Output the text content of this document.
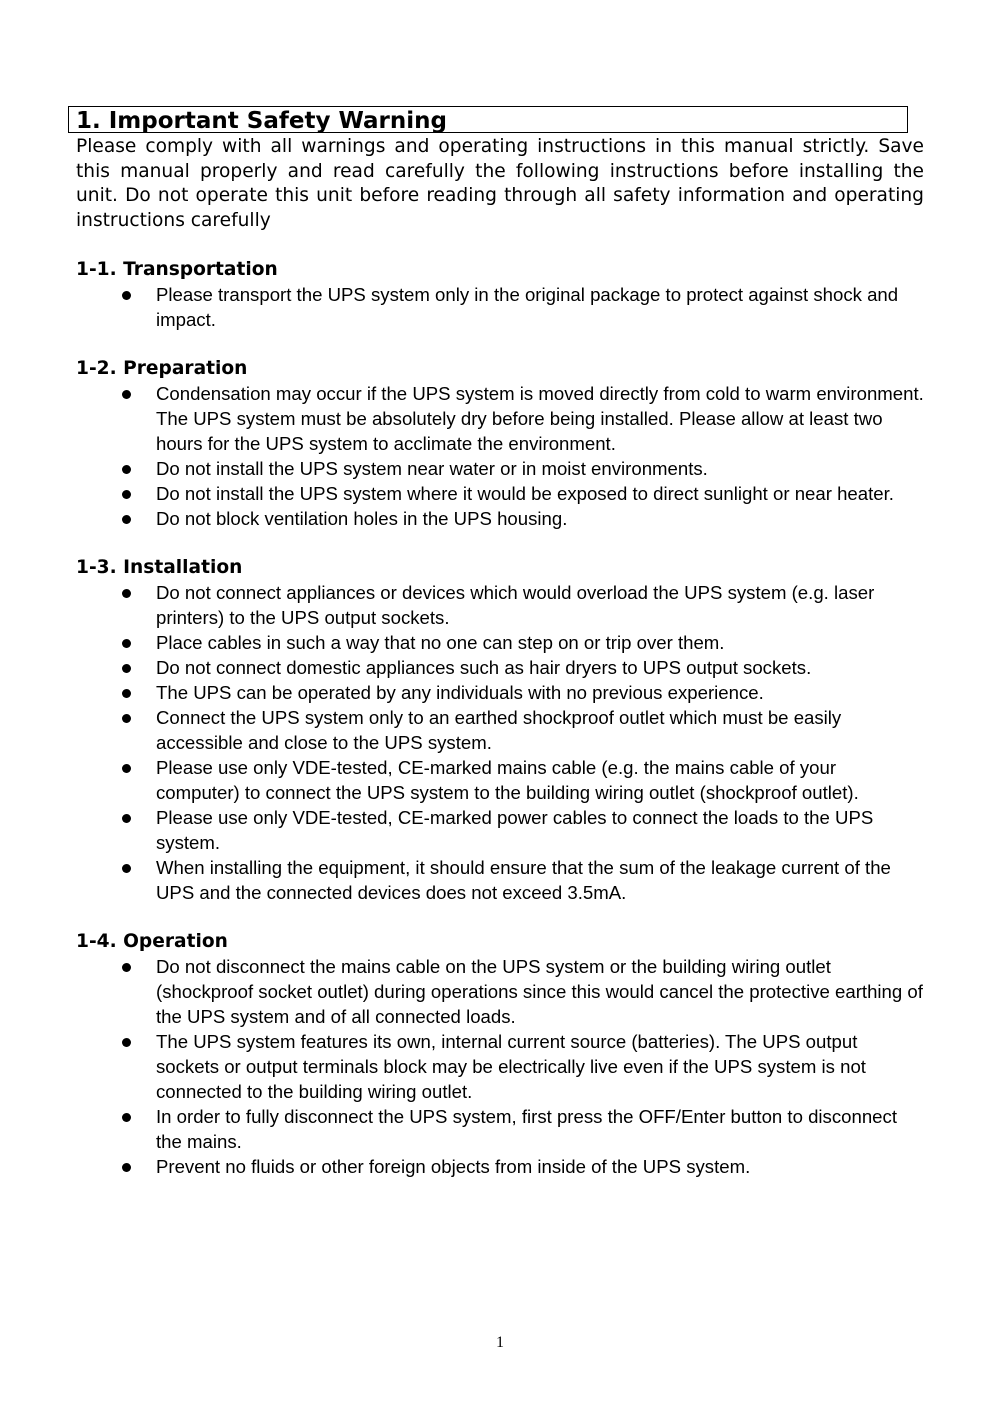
1. Important Safety Warning

Please comply with all warnings and operating instructions in this manual strictly. Save this manual properly and read carefully the following instructions before installing the unit. Do not operate this unit before reading through all safety information and operating instructions carefully

1-1. Transportation

Please transport the UPS system only in the original package to protect against shock and impact.

1-2. Preparation

Condensation may occur if the UPS system is moved directly from cold to warm environment. The UPS system must be absolutely dry before being installed. Please allow at least two hours for the UPS system to acclimate the environment.
Do not install the UPS system near water or in moist environments.
Do not install the UPS system where it would be exposed to direct sunlight or near heater.
Do not block ventilation holes in the UPS housing.

1-3. Installation

Do not connect appliances or devices which would overload the UPS system (e.g. laser printers) to the UPS output sockets.
Place cables in such a way that no one can step on or trip over them.
Do not connect domestic appliances such as hair dryers to UPS output sockets.
The UPS can be operated by any individuals with no previous experience.
Connect the UPS system only to an earthed shockproof outlet which must be easily accessible and close to the UPS system.
Please use only VDE-tested, CE-marked mains cable (e.g. the mains cable of your computer) to connect the UPS system to the building wiring outlet (shockproof outlet).
Please use only VDE-tested, CE-marked power cables to connect the loads to the UPS system.
When installing the equipment, it should ensure that the sum of the leakage current of the UPS and the connected devices does not exceed 3.5mA.

1-4. Operation

Do not disconnect the mains cable on the UPS system or the building wiring outlet (shockproof socket outlet) during operations since this would cancel the protective earthing of the UPS system and of all connected loads.
The UPS system features its own, internal current source (batteries). The UPS output sockets or output terminals block may be electrically live even if the UPS system is not connected to the building wiring outlet.
In order to fully disconnect the UPS system, first press the OFF/Enter button to disconnect the mains.
Prevent no fluids or other foreign objects from inside of the UPS system.
1
